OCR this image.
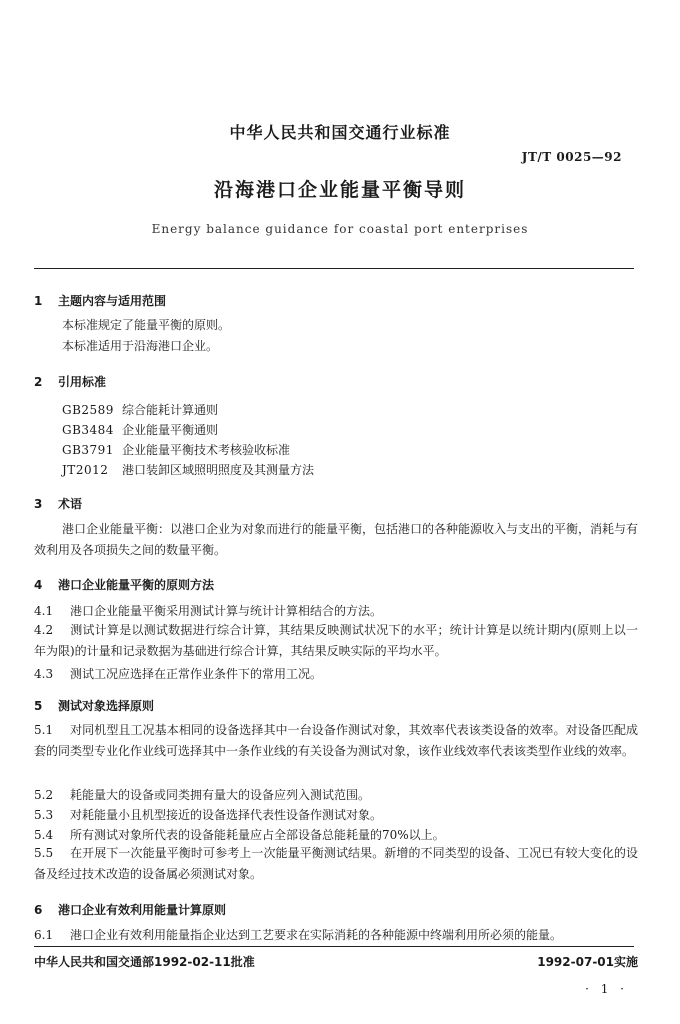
中华人民共和国交通行业标准
JT/T 0025—92
沿海港口企业能量平衡导则
Energy balance guidance for coastal port enterprises
1 主题内容与适用范围
本标准规定了能量平衡的原则。
本标准适用于沿海港口企业。
2 引用标准
GB2589 综合能耗计算通则
GB3484 企业能量平衡通则
GB3791 企业能量平衡技术考核验收标准
JT2012 港口装卸区域照明照度及其测量方法
3 术语
港口企业能量平衡：以港口企业为对象而进行的能量平衡，包括港口的各种能源收入与支出的平衡，消耗与有效利用及各项损失之间的数量平衡。
4 港口企业能量平衡的原则方法
4.1 港口企业能量平衡采用测试计算与统计计算相结合的方法。
4.2 测试计算是以测试数据进行综合计算，其结果反映测试状况下的水平；统计计算是以统计期内(原则上以一年为限)的计量和记录数据为基础进行综合计算，其结果反映实际的平均水平。
4.3 测试工况应选择在正常作业条件下的常用工况。
5 测试对象选择原则
5.1 对同机型且工况基本相同的设备选择其中一台设备作测试对象，其效率代表该类设备的效率。对设备匹配成套的同类型专业化作业线可选择其中一条作业线的有关设备为测试对象，该作业线效率代表该类型作业线的效率。
5.2 耗能量大的设备或同类拥有量大的设备应列入测试范围。
5.3 对耗能量小且机型接近的设备选择代表性设备作测试对象。
5.4 所有测试对象所代表的设备能耗量应占全部设备总能耗量的70%以上。
5.5 在开展下一次能量平衡时可参考上一次能量平衡测试结果。新增的不同类型的设备、工况已有较大变化的设备及经过技术改造的设备属必须测试对象。
6 港口企业有效利用能量计算原则
6.1 港口企业有效利用能量指企业达到工艺要求在实际消耗的各种能源中终端利用所必须的能量。
中华人民共和国交通部1992-02-11批准	1992-07-01实施
· 1 ·
